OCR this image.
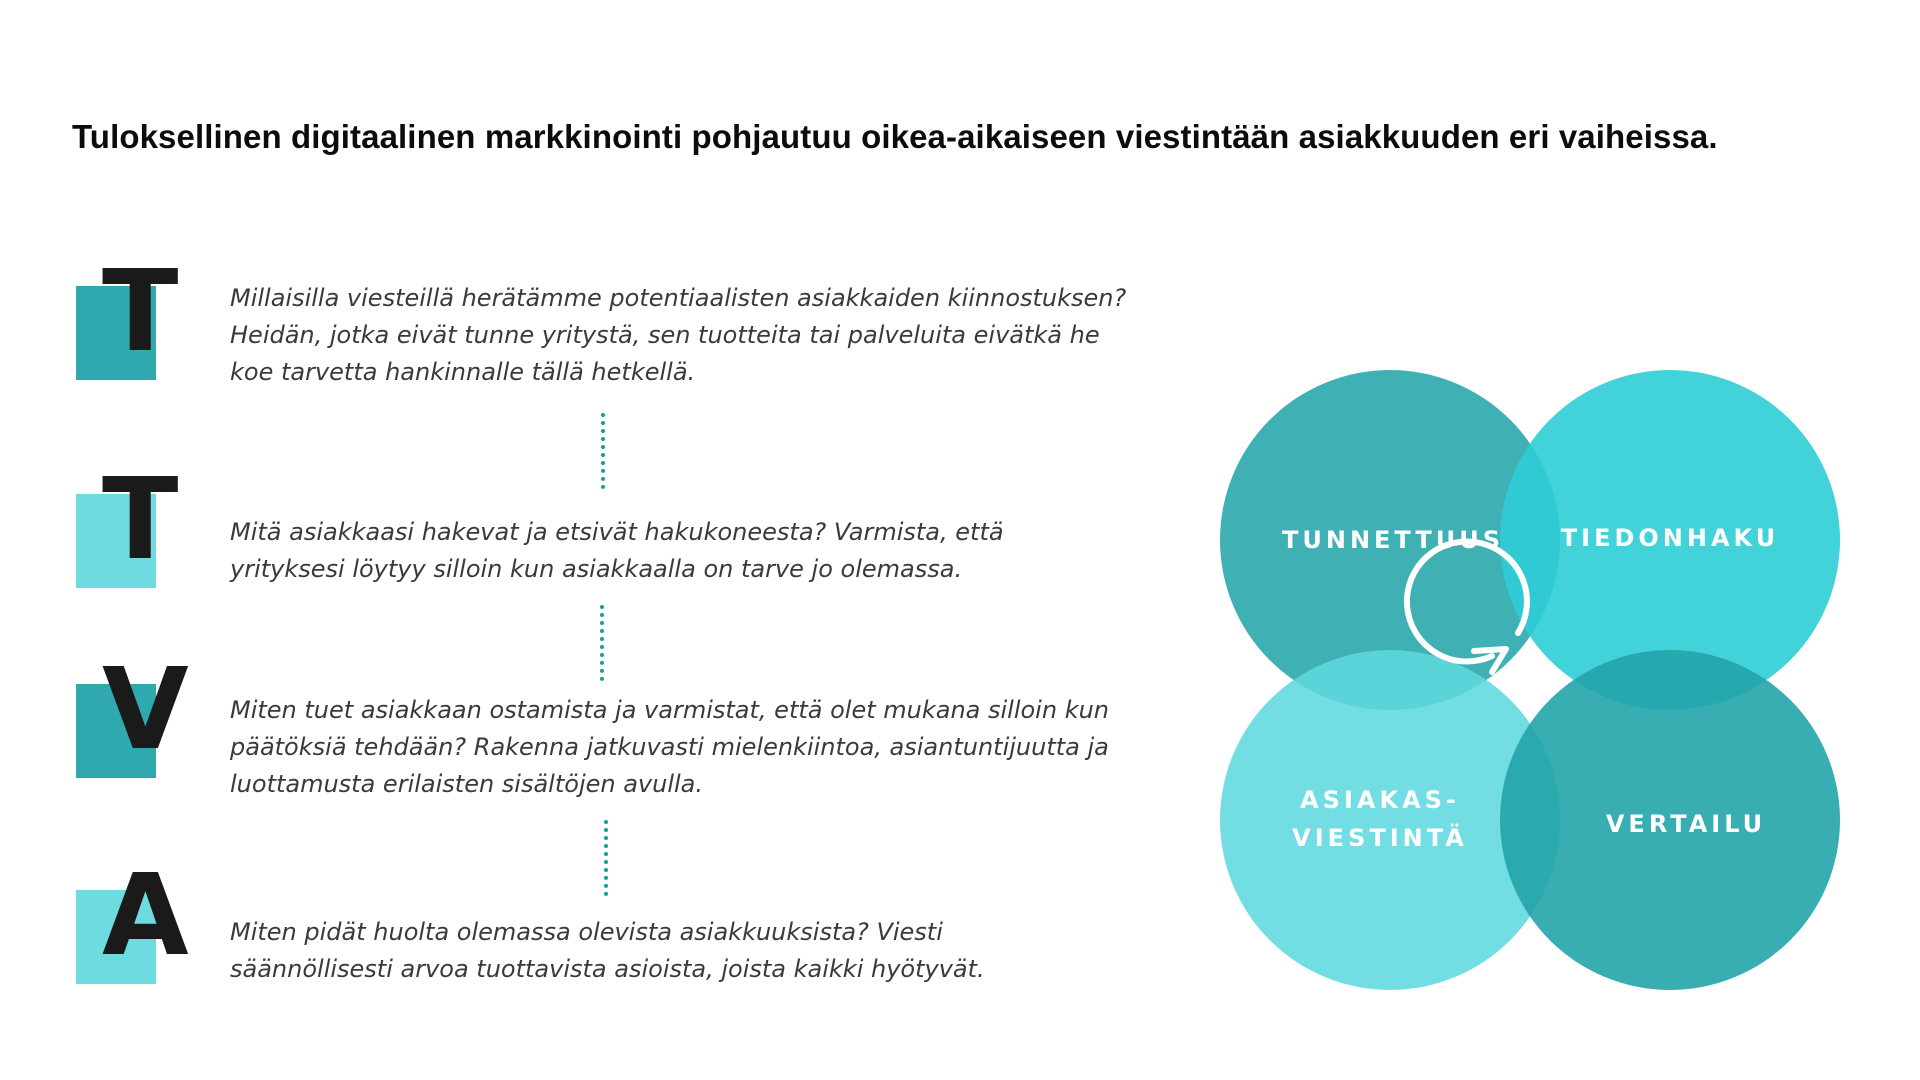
Tuloksellinen digitaalinen markkinointi pohjautuu oikea-aikaiseen viestintään asiakkuuden eri vaiheissa.
T Millaisilla viesteillä herätämme potentiaalisten asiakkaiden kiinnostuksen?
Heidän, jotka eivät tunne yritystä, sen tuotteita tai palveluita eivätkä he
koe tarvetta hankinnalle tällä hetkellä.
T Mitä asiakkaasi hakevat ja etsivät hakukoneesta? Varmista, että
yrityksesi löytyy silloin kun asiakkaalla on tarve jo olemassa.
V Miten tuet asiakkaan ostamista ja varmistat, että olet mukana silloin kun
päätöksiä tehdään? Rakenna jatkuvasti mielenkiintoa, asiantuntijuutta ja
luottamusta erilaisten sisältöjen avulla.
A Miten pidät huolta olemassa olevista asiakkuuksista? Viesti
säännöllisesti arvoa tuottavista asioista, joista kaikki hyötyvät.
TUNNETTUUS TIEDONHAKU
ASIAKAS-
VIESTINTÄ	VERTAILU
